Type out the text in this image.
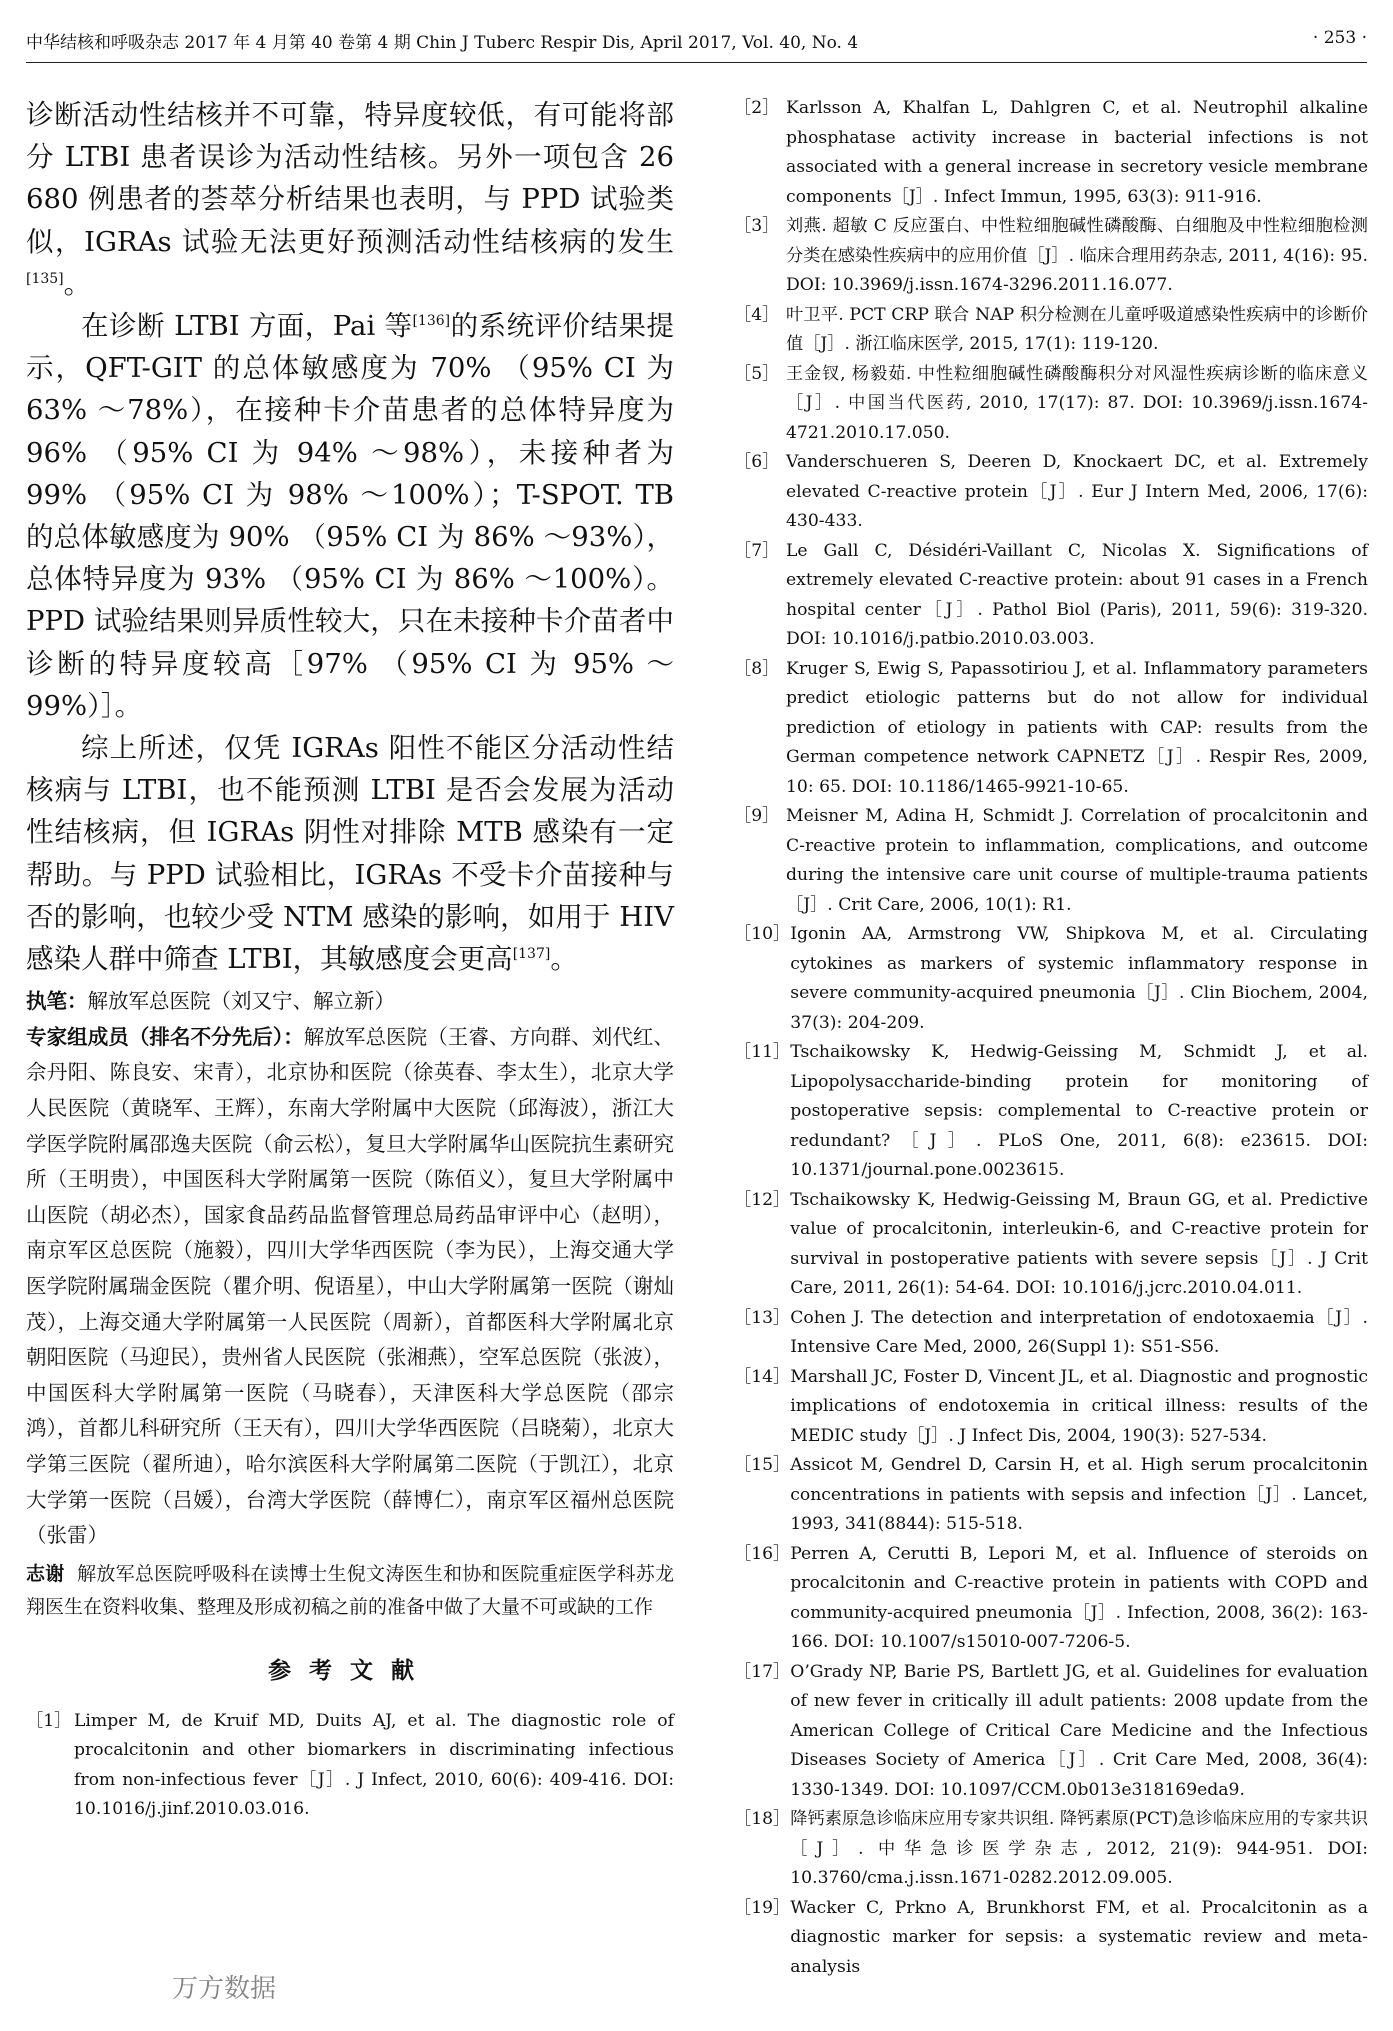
中华结核和呼吸杂志 2017 年 4 月第 40 卷第 4 期 Chin J Tuberc Respir Dis, April 2017, Vol. 40, No. 4	· 253 ·

诊断活动性结核并不可靠，特异度较低，有可能将部分 LTBI 患者误诊为活动性结核。另外一项包含 26 680 例患者的荟萃分析结果也表明，与 PPD 试验类似，IGRAs 试验无法更好预测活动性结核病的发生[135]。

在诊断 LTBI 方面，Pai 等[136]的系统评价结果提示，QFT-GIT 的总体敏感度为 70% （95% CI 为 63% ～78%），在接种卡介苗患者的总体特异度为 96% （95% CI 为 94% ～98%），未接种者为 99% （95% CI 为 98% ～100%）；T-SPOT. TB 的总体敏感度为 90% （95% CI 为 86% ～93%），总体特异度为 93% （95% CI 为 86% ～100%）。PPD 试验结果则异质性较大，只在未接种卡介苗者中诊断的特异度较高［97% （95% CI 为 95% ～99%）］。

综上所述，仅凭 IGRAs 阳性不能区分活动性结核病与 LTBI，也不能预测 LTBI 是否会发展为活动性结核病，但 IGRAs 阴性对排除 MTB 感染有一定帮助。与 PPD 试验相比，IGRAs 不受卡介苗接种与否的影响，也较少受 NTM 感染的影响，如用于 HIV 感染人群中筛查 LTBI，其敏感度会更高[137]。

执笔：解放军总医院（刘又宁、解立新）

专家组成员（排名不分先后）：解放军总医院（王睿、方向群、刘代红、佘丹阳、陈良安、宋青），北京协和医院（徐英春、李太生），北京大学人民医院（黄晓军、王辉），东南大学附属中大医院（邱海波），浙江大学医学院附属邵逸夫医院（俞云松），复旦大学附属华山医院抗生素研究所（王明贵），中国医科大学附属第一医院（陈佰义），复旦大学附属中山医院（胡必杰），国家食品药品监督管理总局药品审评中心（赵明），南京军区总医院（施毅），四川大学华西医院（李为民），上海交通大学医学院附属瑞金医院（瞿介明、倪语星），中山大学附属第一医院（谢灿茂），上海交通大学附属第一人民医院（周新），首都医科大学附属北京朝阳医院（马迎民），贵州省人民医院（张湘燕），空军总医院（张波），中国医科大学附属第一医院（马晓春），天津医科大学总医院（邵宗鸿），首都儿科研究所（王天有），四川大学华西医院（吕晓菊），北京大学第三医院（翟所迪），哈尔滨医科大学附属第二医院（于凯江），北京大学第一医院（吕媛），台湾大学医院（薛博仁），南京军区福州总医院（张雷）

志谢 解放军总医院呼吸科在读博士生倪文涛医生和协和医院重症医学科苏龙翔医生在资料收集、整理及形成初稿之前的准备中做了大量不可或缺的工作

参考文献
［1］ Limper M, de Kruif MD, Duits AJ, et al. The diagnostic role of procalcitonin and other biomarkers in discriminating infectious from non-infectious fever［J］. J Infect, 2010, 60(6): 409-416. DOI: 10.1016/j.jinf.2010.03.016.
［2］ Karlsson A, Khalfan L, Dahlgren C, et al. Neutrophil alkaline phosphatase activity increase in bacterial infections is not associated with a general increase in secretory vesicle membrane components［J］. Infect Immun, 1995, 63(3): 911-916.
［3］ 刘燕. 超敏 C 反应蛋白、中性粒细胞碱性磷酸酶、白细胞及中性粒细胞检测分类在感染性疾病中的应用价值［J］. 临床合理用药杂志, 2011, 4(16): 95. DOI: 10.3969/j.issn.1674-3296.2011.16.077.
［4］ 叶卫平. PCT CRP 联合 NAP 积分检测在儿童呼吸道感染性疾病中的诊断价值［J］. 浙江临床医学, 2015, 17(1): 119-120.
［5］ 王金钗, 杨毅茹. 中性粒细胞碱性磷酸酶积分对风湿性疾病诊断的临床意义［J］. 中国当代医药, 2010, 17(17): 87. DOI: 10.3969/j.issn.1674-4721.2010.17.050.
［6］ Vanderschueren S, Deeren D, Knockaert DC, et al. Extremely elevated C-reactive protein［J］. Eur J Intern Med, 2006, 17(6): 430-433.
［7］ Le Gall C, Désidéri-Vaillant C, Nicolas X. Significations of extremely elevated C-reactive protein: about 91 cases in a French hospital center［J］. Pathol Biol (Paris), 2011, 59(6): 319-320. DOI: 10.1016/j.patbio.2010.03.003.
［8］ Kruger S, Ewig S, Papassotiriou J, et al. Inflammatory parameters predict etiologic patterns but do not allow for individual prediction of etiology in patients with CAP: results from the German competence network CAPNETZ［J］. Respir Res, 2009, 10: 65. DOI: 10.1186/1465-9921-10-65.
［9］ Meisner M, Adina H, Schmidt J. Correlation of procalcitonin and C-reactive protein to inflammation, complications, and outcome during the intensive care unit course of multiple-trauma patients［J］. Crit Care, 2006, 10(1): R1.
［10］ Igonin AA, Armstrong VW, Shipkova M, et al. Circulating cytokines as markers of systemic inflammatory response in severe community-acquired pneumonia［J］. Clin Biochem, 2004, 37(3): 204-209.
［11］ Tschaikowsky K, Hedwig-Geissing M, Schmidt J, et al. Lipopolysaccharide-binding protein for monitoring of postoperative sepsis: complemental to C-reactive protein or redundant?［J］. PLoS One, 2011, 6(8): e23615. DOI: 10.1371/journal.pone.0023615.
［12］ Tschaikowsky K, Hedwig-Geissing M, Braun GG, et al. Predictive value of procalcitonin, interleukin-6, and C-reactive protein for survival in postoperative patients with severe sepsis［J］. J Crit Care, 2011, 26(1): 54-64. DOI: 10.1016/j.jcrc.2010.04.011.
［13］ Cohen J. The detection and interpretation of endotoxaemia［J］. Intensive Care Med, 2000, 26(Suppl 1): S51-S56.
［14］ Marshall JC, Foster D, Vincent JL, et al. Diagnostic and prognostic implications of endotoxemia in critical illness: results of the MEDIC study［J］. J Infect Dis, 2004, 190(3): 527-534.
［15］ Assicot M, Gendrel D, Carsin H, et al. High serum procalcitonin concentrations in patients with sepsis and infection［J］. Lancet, 1993, 341(8844): 515-518.
［16］ Perren A, Cerutti B, Lepori M, et al. Influence of steroids on procalcitonin and C-reactive protein in patients with COPD and community-acquired pneumonia［J］. Infection, 2008, 36(2): 163-166. DOI: 10.1007/s15010-007-7206-5.
［17］ O’Grady NP, Barie PS, Bartlett JG, et al. Guidelines for evaluation of new fever in critically ill adult patients: 2008 update from the American College of Critical Care Medicine and the Infectious Diseases Society of America［J］. Crit Care Med, 2008, 36(4): 1330-1349. DOI: 10.1097/CCM.0b013e318169eda9.
［18］ 降钙素原急诊临床应用专家共识组. 降钙素原(PCT)急诊临床应用的专家共识［J］. 中华急诊医学杂志, 2012, 21(9): 944-951. DOI: 10.3760/cma.j.issn.1671-0282.2012.09.005.
［19］ Wacker C, Prkno A, Brunkhorst FM, et al. Procalcitonin as a diagnostic marker for sepsis: a systematic review and meta-analysis
万方数据
